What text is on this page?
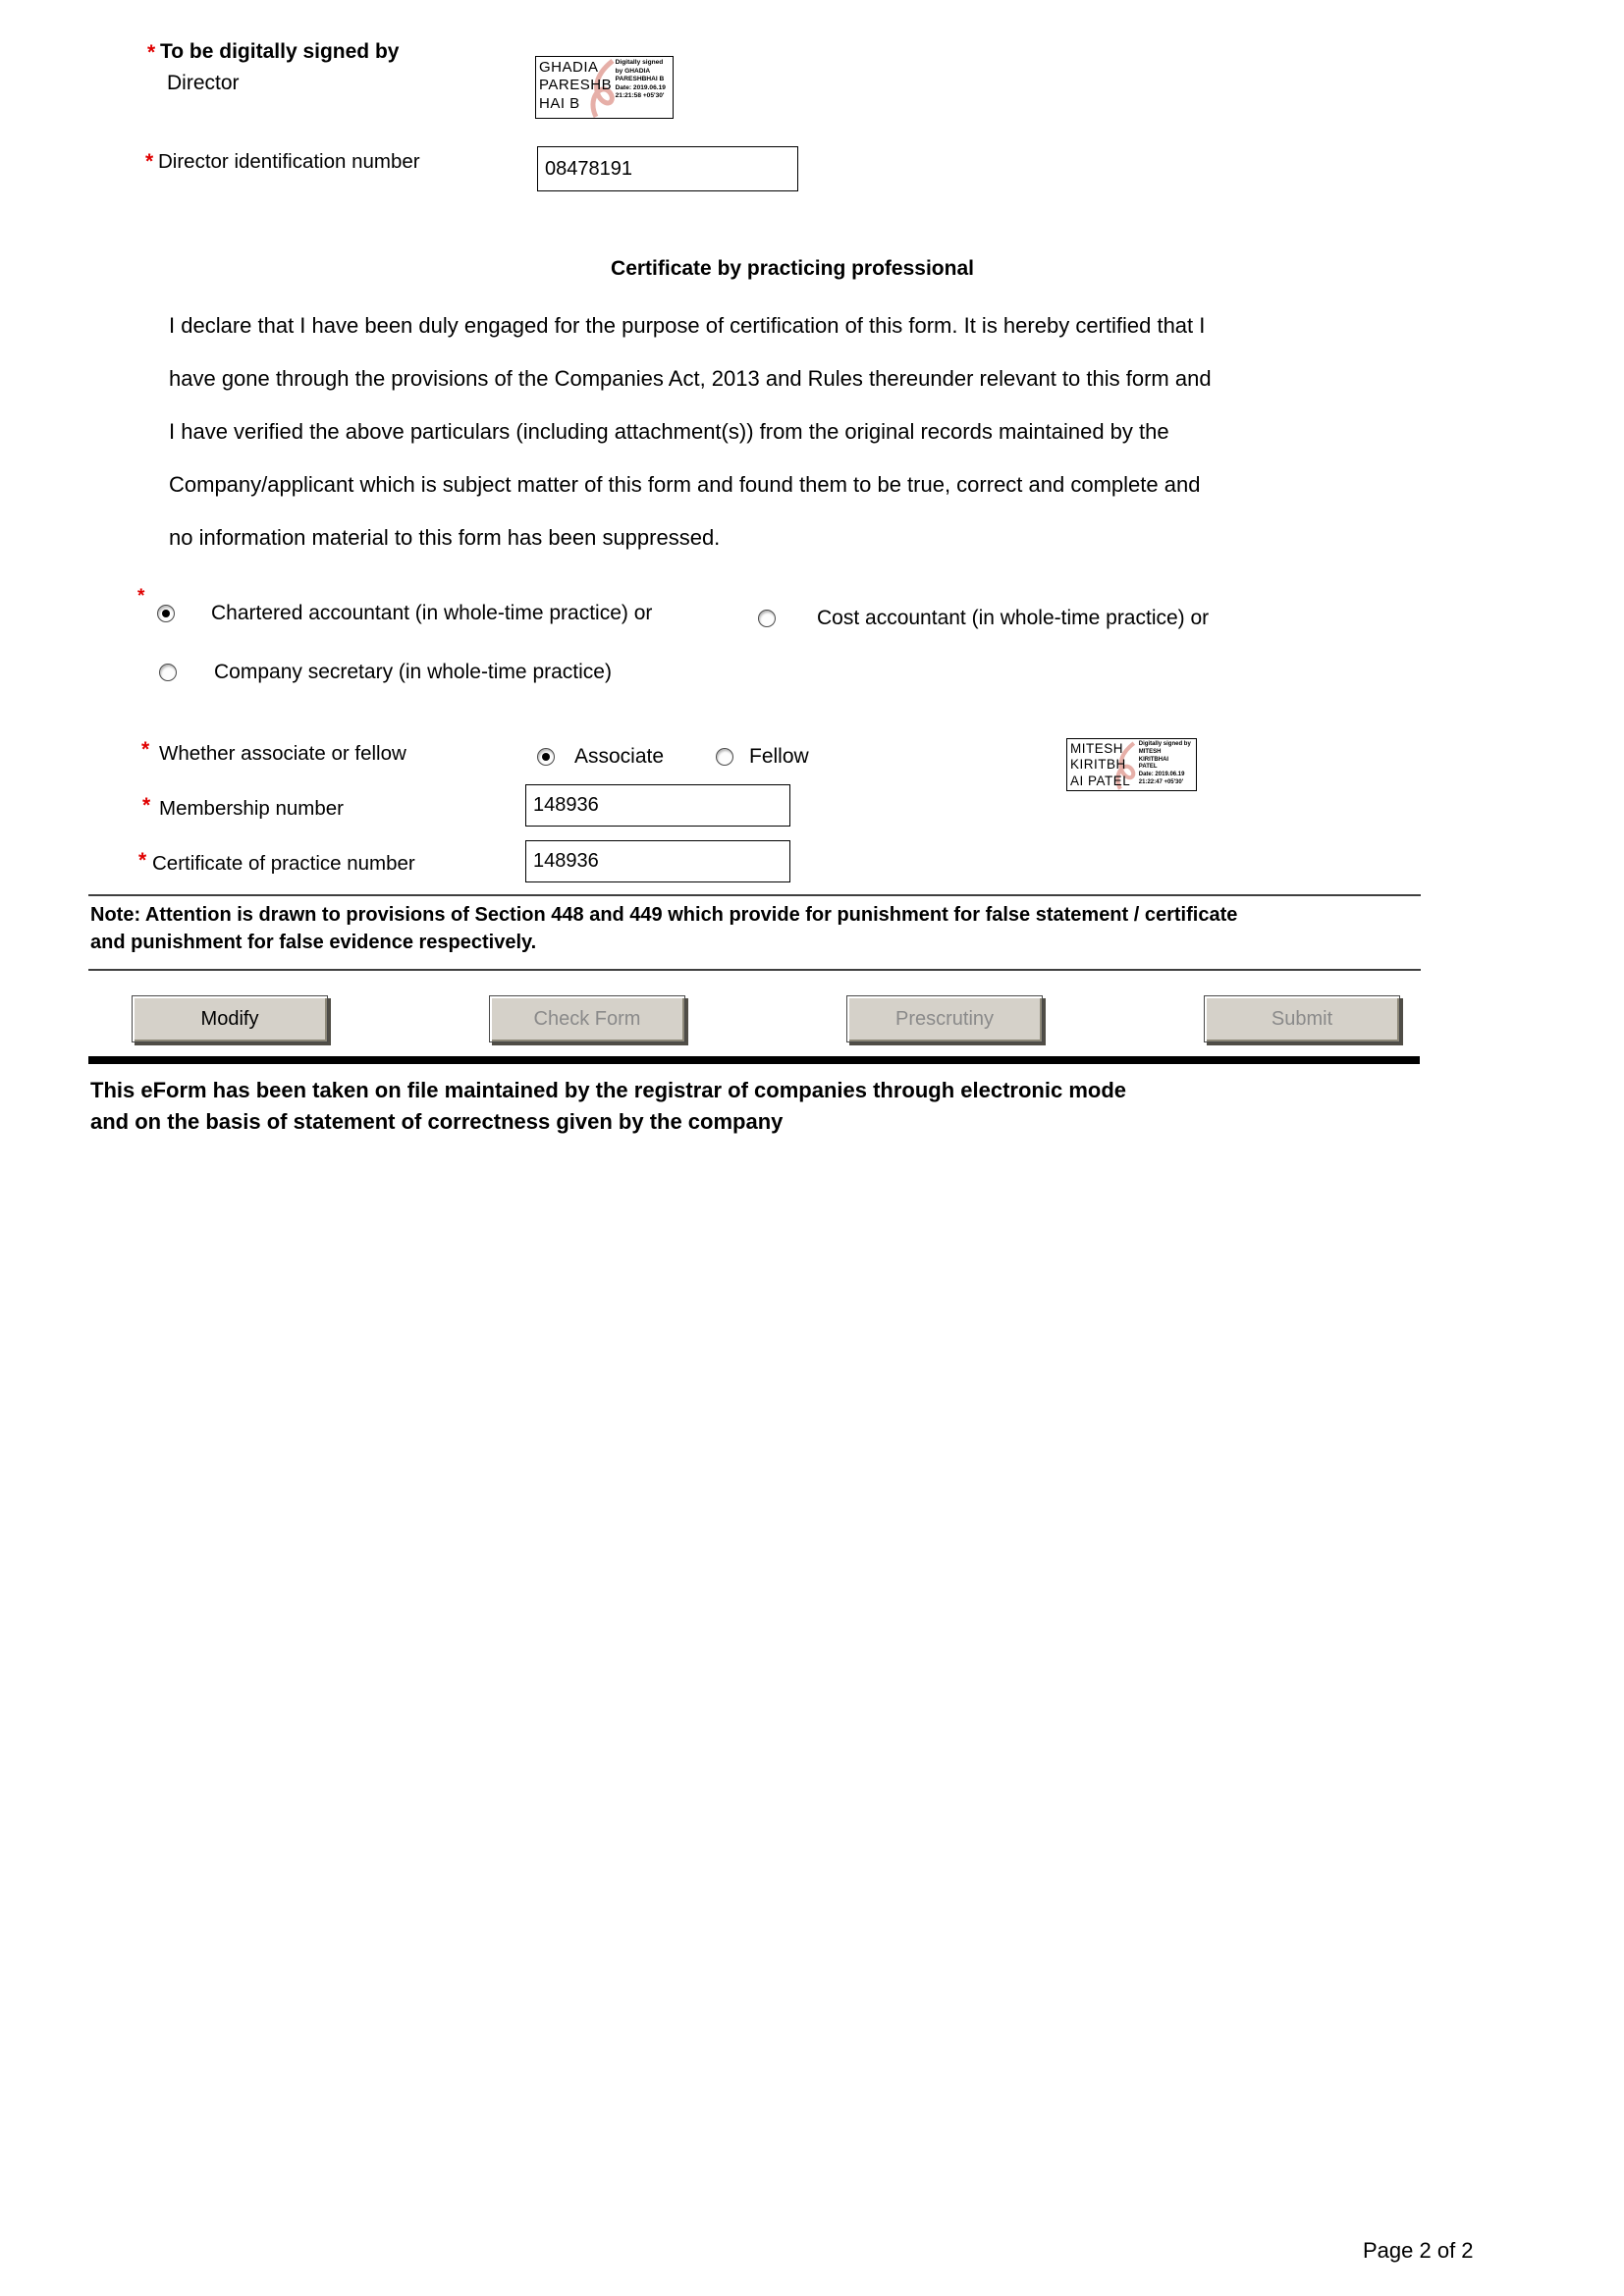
* To be digitally signed by
Director
GHADIA
PARESHB
HAI B
Digitally signed
by GHADIA
PARESHBHAI B
Date: 2019.06.19
21:21:58 +05'30'
* Director identification number	08478191
Certificate by practicing professional
I declare that I have been duly engaged for the purpose of certification of this form. It is hereby certified that I
have gone through the provisions of the Companies Act, 2013 and Rules thereunder relevant to this form and
I have verified the above particulars (including attachment(s)) from the original records maintained by the
Company/applicant which is subject matter of this form and found them to be true, correct and complete and
no information material to this form has been suppressed.
*
Chartered accountant (in whole-time practice) or	Cost accountant (in whole-time practice) or
Company secretary (in whole-time practice)
* Whether associate or fellow	Associate	Fellow	MITESH
KIRITBH
AI PATEL
Digitally signed by
MITESH
KIRITBHAI
PATEL
Date: 2019.06.19
21:22:47 +05'30'
* Membership number	148936
* Certificate of practice number	148936
Note: Attention is drawn to provisions of Section 448 and 449 which provide for punishment for false statement / certificate
and punishment for false evidence respectively.
Modify	Check Form	Prescrutiny	Submit
This eForm has been taken on file maintained by the registrar of companies through electronic mode
and on the basis of statement of correctness given by the company
Page 2 of 2
